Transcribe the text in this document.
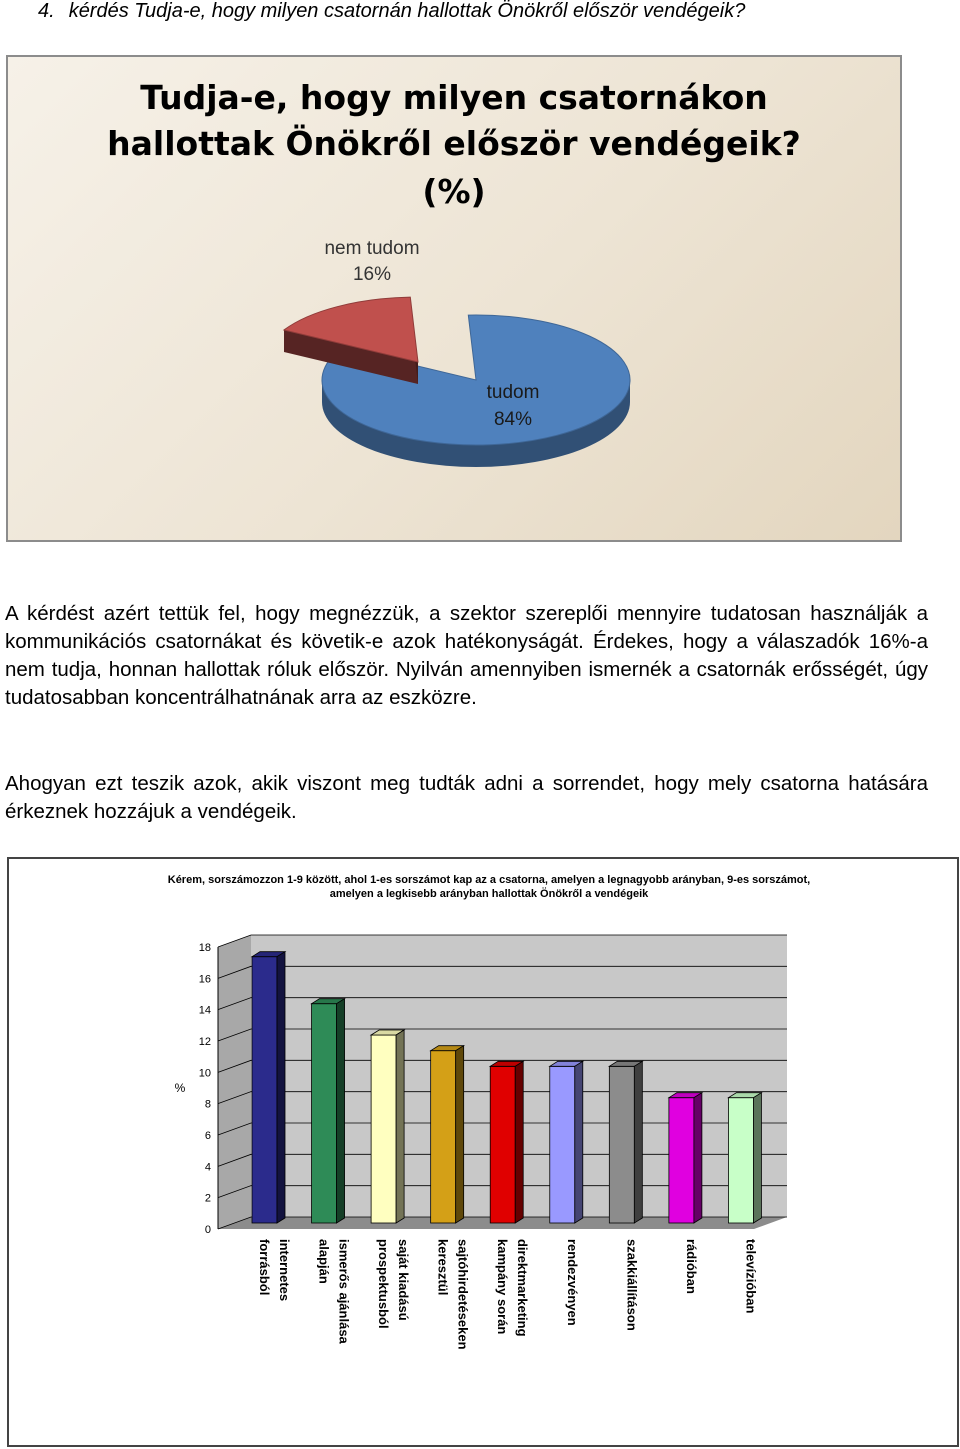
4. kérdés Tudja-e, hogy milyen csatornán hallottak Önökről először vendégeik?
Tudja-e, hogy milyen csatornákon
hallottak Önökről először vendégeik?
(%)
nem tudom
16%
tudom
84%
A kérdést azért tettük fel, hogy megnézzük, a szektor szereplői mennyire tudatosan használják a kommunikációs csatornákat és követik-e azok hatékonyságát. Érdekes, hogy a válaszadók 16%-a nem tudja, honnan hallottak róluk először. Nyilván amennyiben ismernék a csatornák erősségét, úgy tudatosabban koncentrálhatnának arra az eszközre.
Ahogyan ezt teszik azok, akik viszont meg tudták adni a sorrendet, hogy mely csatorna hatására érkeznek hozzájuk a vendégeik.
Kérem, sorszámozzon 1-9 között, ahol 1-es sorszámot kap az a csatorna, amelyen a legnagyobb arányban, 9-es sorszámot,
amelyen a legkisebb arányban hallottak Önökről a vendégeik
0
2
4
6
8
10
12
14
16
18
%
internetes
forrásból	ismerős ajánlása
alapján	saját kiadású
prospektusból	sajtóhirdetéseken
keresztül	direktmarketing
kampány során	rendezvényen	szakkiállításon	rádióban	televízióban
